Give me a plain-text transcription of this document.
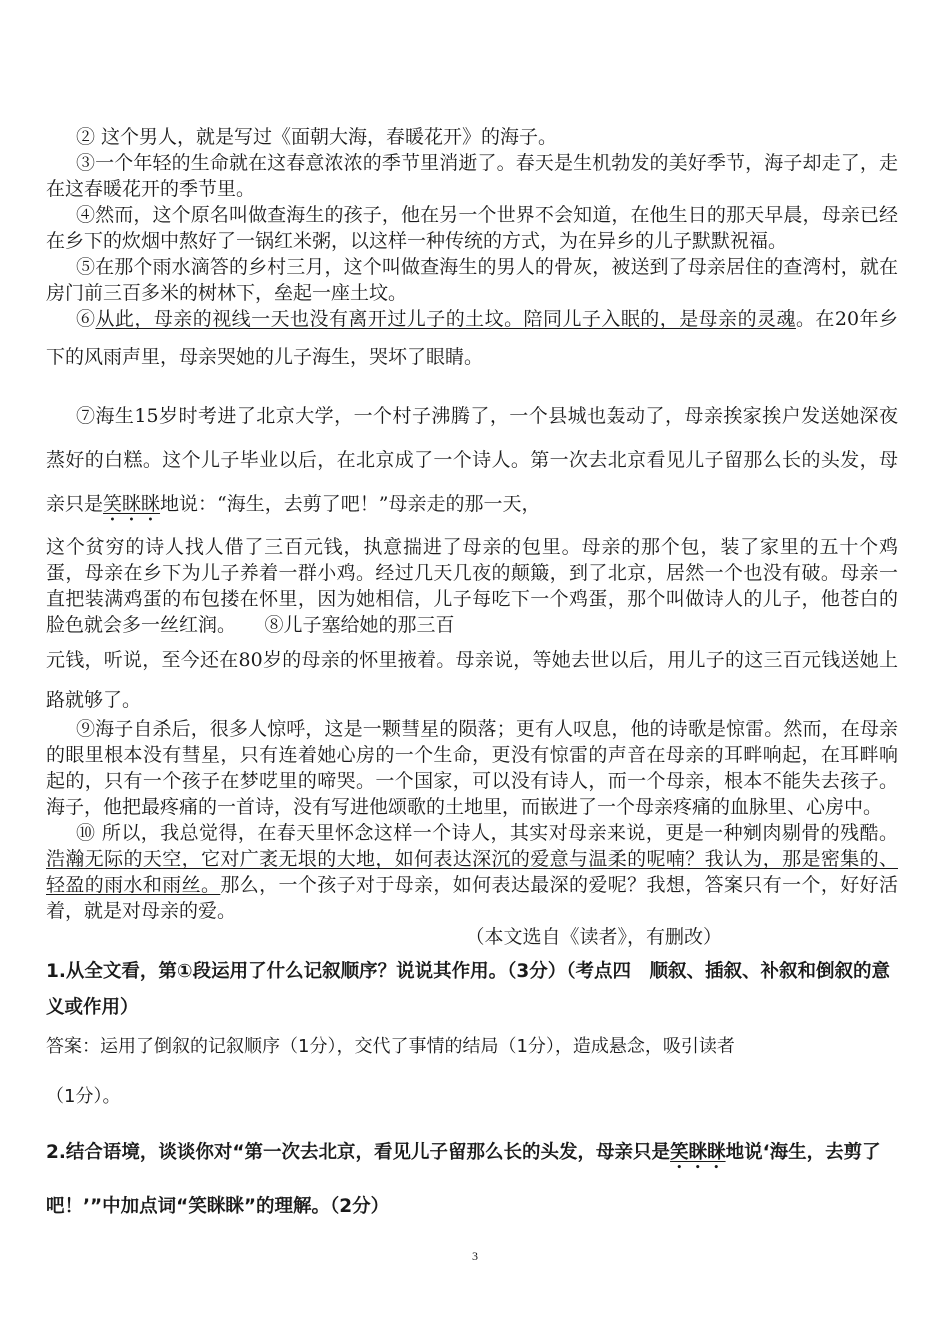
② 这个男人，就是写过《面朝大海，春暖花开》的海子。

③一个年轻的生命就在这春意浓浓的季节里消逝了。春天是生机勃发的美好季节，海子却走了，走在这春暖花开的季节里。

④然而，这个原名叫做查海生的孩子，他在另一个世界不会知道，在他生日的那天早晨，母亲已经在乡下的炊烟中熬好了一锅红米粥，以这样一种传统的方式，为在异乡的儿子默默祝福。

⑤在那个雨水滴答的乡村三月，这个叫做查海生的男人的骨灰，被送到了母亲居住的查湾村，就在房门前三百多米的树林下，垒起一座土坟。

⑥从此，母亲的视线一天也没有离开过儿子的土坟。陪同儿子入眠的，是母亲的灵魂。在20年乡下的风雨声里，母亲哭她的儿子海生，哭坏了眼睛。

⑦海生15岁时考进了北京大学，一个村子沸腾了，一个县城也轰动了，母亲挨家挨户发送她深夜蒸好的白糕。这个儿子毕业以后，在北京成了一个诗人。第一次去北京看见儿子留那么长的头发，母亲只是笑眯眯地说：“海生，去剪了吧！”母亲走的那一天，

这个贫穷的诗人找人借了三百元钱，执意揣进了母亲的包里。母亲的那个包，装了家里的五十个鸡蛋，母亲在乡下为儿子养着一群小鸡。经过几天几夜的颠簸，到了北京，居然一个也没有破。母亲一直把装满鸡蛋的布包搂在怀里，因为她相信，儿子每吃下一个鸡蛋，那个叫做诗人的儿子，他苍白的脸色就会多一丝红润。　　⑧儿子塞给她的那三百

元钱，听说，至今还在80岁的母亲的怀里掖着。母亲说，等她去世以后，用儿子的这三百元钱送她上路就够了。

⑨海子自杀后，很多人惊呼，这是一颗彗星的陨落；更有人叹息，他的诗歌是惊雷。然而，在母亲的眼里根本没有彗星，只有连着她心房的一个生命，更没有惊雷的声音在母亲的耳畔响起，在耳畔响起的，只有一个孩子在梦呓里的啼哭。一个国家，可以没有诗人，而一个母亲，根本不能失去孩子。海子，他把最疼痛的一首诗，没有写进他颂歌的土地里，而嵌进了一个母亲疼痛的血脉里、心房中。

⑩ 所以，我总觉得，在春天里怀念这样一个诗人，其实对母亲来说，更是一种剜肉剔骨的残酷。浩瀚无际的天空，它对广袤无垠的大地，如何表达深沉的爱意与温柔的呢喃？我认为，那是密集的、轻盈的雨水和雨丝。那么，一个孩子对于母亲，如何表达最深的爱呢？我想，答案只有一个，好好活着，就是对母亲的爱。

（本文选自《读者》，有删改）

1.从全文看，第①段运用了什么记叙顺序？说说其作用。（3分）（考点四　顺叙、插叙、补叙和倒叙的意义或作用）

答案：运用了倒叙的记叙顺序（1分），交代了事情的结局（1分），造成悬念，吸引读者

（1分）。

2.结合语境，谈谈你对“第一次去北京，看见儿子留那么长的头发，母亲只是笑眯眯地说‘海生，去剪了吧！’”中加点词“笑眯眯”的理解。（2分）

3
